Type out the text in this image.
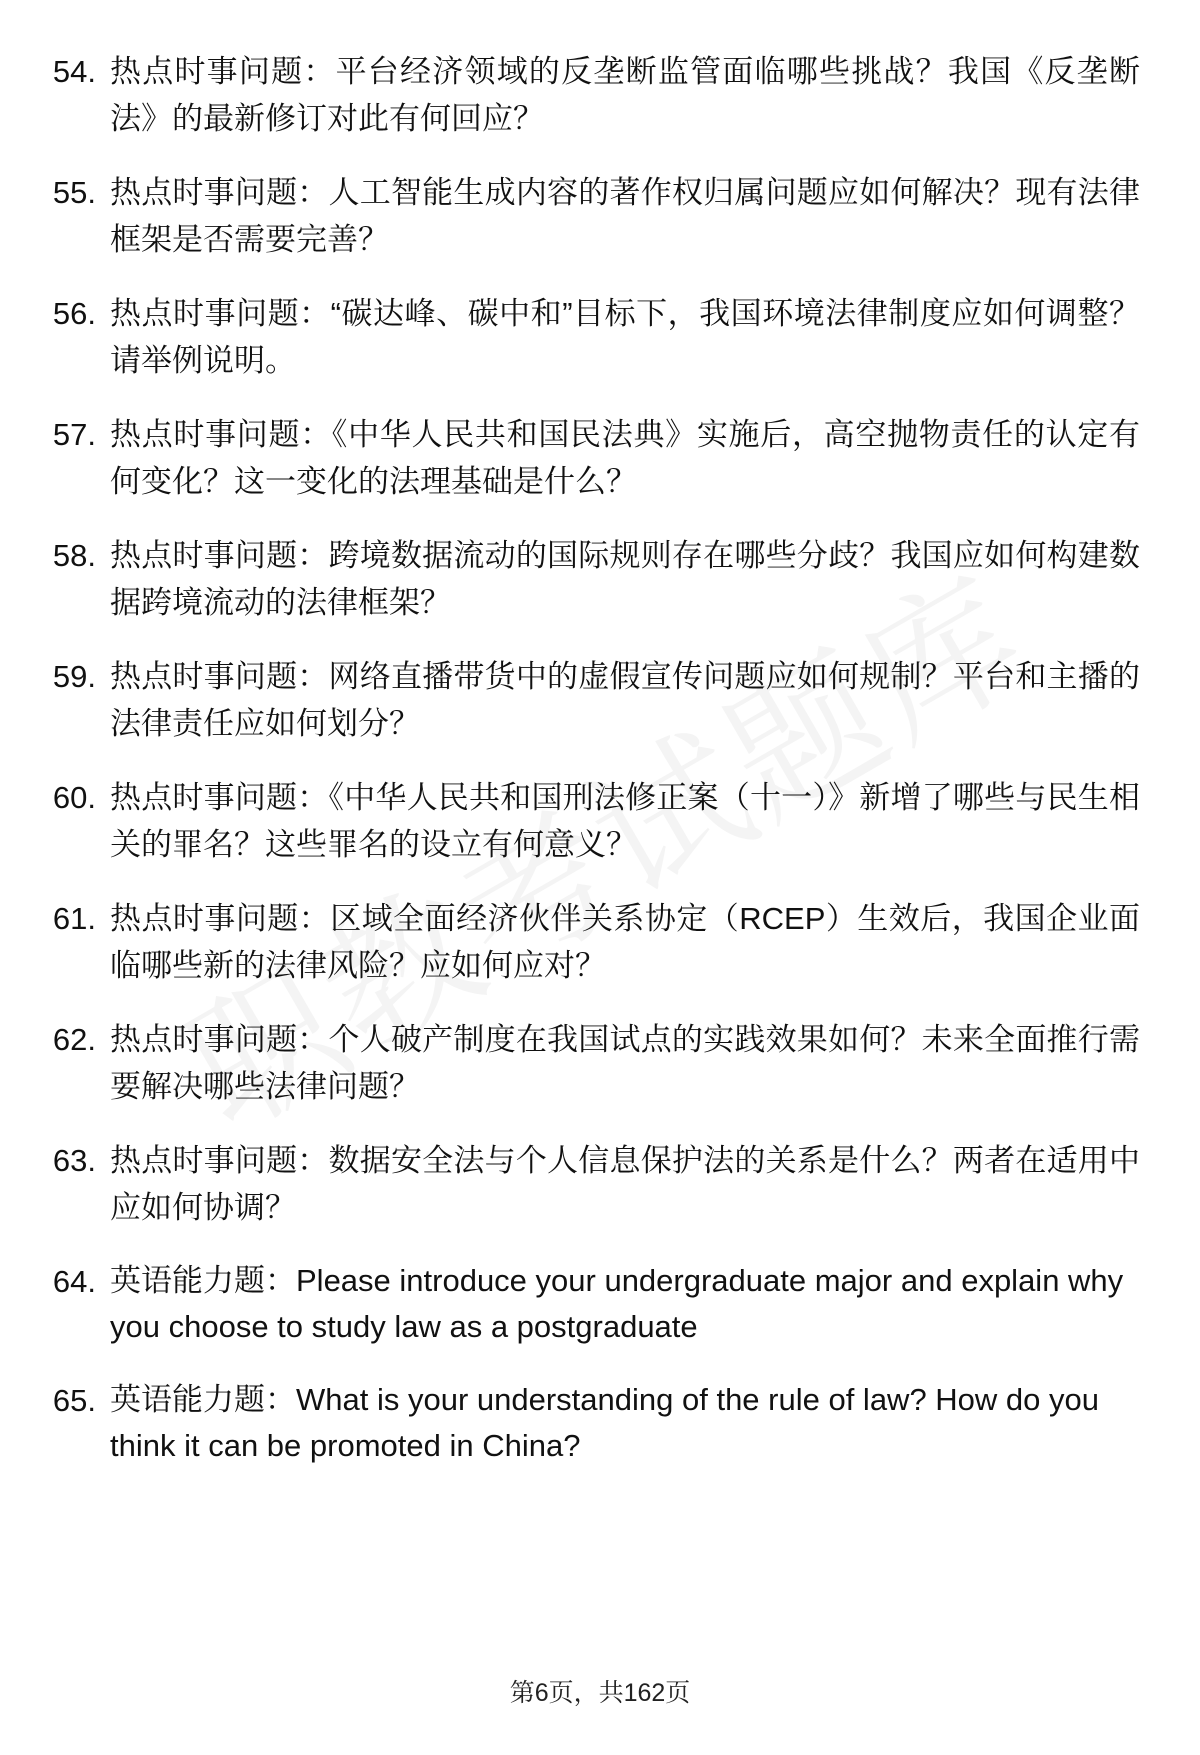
54. 热点时事问题：平台经济领域的反垄断监管面临哪些挑战？我国《反垄断法》的最新修订对此有何回应？
55. 热点时事问题：人工智能生成内容的著作权归属问题应如何解决？现有法律框架是否需要完善？
56. 热点时事问题：“碳达峰、碳中和”目标下，我国环境法律制度应如何调整？请举例说明。
57. 热点时事问题：《中华人民共和国民法典》实施后，高空抛物责任的认定有何变化？这一变化的法理基础是什么？
58. 热点时事问题：跨境数据流动的国际规则存在哪些分歧？我国应如何构建数据跨境流动的法律框架？
59. 热点时事问题：网络直播带货中的虚假宣传问题应如何规制？平台和主播的法律责任应如何划分？
60. 热点时事问题：《中华人民共和国刑法修正案（十一）》新增了哪些与民生相关的罪名？这些罪名的设立有何意义？
61. 热点时事问题：区域全面经济伙伴关系协定（RCEP）生效后，我国企业面临哪些新的法律风险？应如何应对？
62. 热点时事问题：个人破产制度在我国试点的实践效果如何？未来全面推行需要解决哪些法律问题？
63. 热点时事问题：数据安全法与个人信息保护法的关系是什么？两者在适用中应如何协调？
64. 英语能力题：Please introduce your undergraduate major and explain why you choose to study law as a postgraduate
65. 英语能力题：What is your understanding of the rule of law? How do you think it can be promoted in China?
第6页，共162页
